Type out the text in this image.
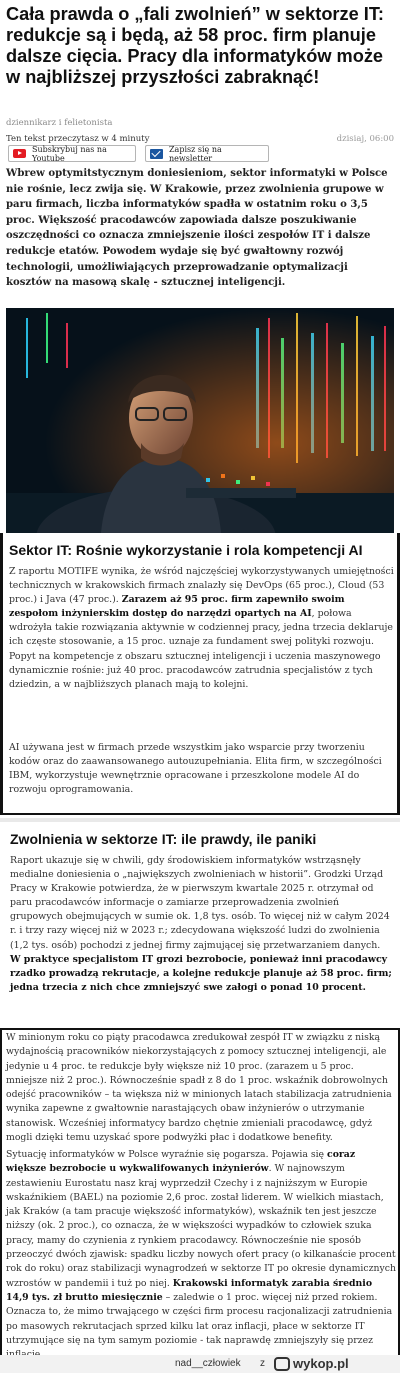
Cała prawda o „fali zwolnień” w sektorze IT: redukcje są i będą, aż 58 proc. firm planuje dalsze cięcia. Pracy dla informatyków może w najbliższej przyszłości zabraknąć!
dziennikarz i felietonista
Ten tekst przeczytasz w 4 minuty	dzisiaj, 06:00
Subskrybuj nas na Youtube
Zapisz się na newsletter
Wbrew optymitstycznym doniesieniom, sektor informatyki w Polsce nie rośnie, lecz zwija się. W Krakowie, przez zwolnienia grupowe w paru firmach, liczba informatyków spadła w ostatnim roku o 3,5 proc. Większość pracodawców zapowiada dalsze poszukiwanie oszczędności co oznacza zmniejszenie ilości zespołów IT i dalsze redukcje etatów. Powodem wydaje się być gwałtowny rozwój technologii, umożliwiających przeprowadzanie optymalizacji kosztów na masową skalę - sztucznej inteligencji.
Sektor IT: Rośnie wykorzystanie i rola kompetencji AI
Z raportu MOTIFE wynika, że wśród najczęściej wykorzystywanych umiejętności technicznych w krakowskich firmach znalazły się DevOps (65 proc.), Cloud (53 proc.) i Java (47 proc.). Zarazem aż 95 proc. firm zapewniło swoim zespołom inżynierskim dostęp do narzędzi opartych na AI, połowa wdrożyła takie rozwiązania aktywnie w codziennej pracy, jedna trzecia deklaruje ich częste stosowanie, a 15 proc. uznaje za fundament swej polityki rozwoju. Popyt na kompetencje z obszaru sztucznej inteligencji i uczenia maszynowego dynamicznie rośnie: już 40 proc. pracodawców zatrudnia specjalistów z tych dziedzin, a w najbliższych planach mają to kolejni.
AI używana jest w firmach przede wszystkim jako wsparcie przy tworzeniu kodów oraz do zaawansowanego autouzupełniania. Elita firm, w szczególności IBM, wykorzystuje wewnętrznie opracowane i przeszkolone modele AI do rozwoju oprogramowania.
Zwolnienia w sektorze IT: ile prawdy, ile paniki
Raport ukazuje się w chwili, gdy środowiskiem informatyków wstrząsnęły medialne doniesienia o „największych zwolnieniach w historii”. Grodzki Urząd Pracy w Krakowie potwierdza, że w pierwszym kwartale 2025 r. otrzymał od paru pracodawców informacje o zamiarze przeprowadzenia zwolnień grupowych obejmujących w sumie ok. 1,8 tys. osób. To więcej niż w całym 2024 r. i trzy razy więcej niż w 2023 r.; zdecydowana większość ludzi do zwolnienia (1,2 tys. osób) pochodzi z jednej firmy zajmującej się przetwarzaniem danych. W praktyce specjalistom IT grozi bezrobocie, ponieważ inni pracodawcy rzadko prowadzą rekrutacje, a kolejne redukcje planuje aż 58 proc. firm; jedna trzecia z nich chce zmniejszyć swe załogi o ponad 10 procent.
W minionym roku co piąty pracodawca zredukował zespół IT w związku z niską wydajnością pracowników niekorzystających z pomocy sztucznej inteligencji, ale jedynie u 4 proc. te redukcje były większe niż 10 proc. (zarazem u 5 proc. mniejsze niż 2 proc.). Równocześnie spadł z 8 do 1 proc. wskaźnik dobrowolnych odejść pracowników – ta większa niż w minionych latach stabilizacja zatrudnienia wynika zapewne z gwałtownie narastających obaw inżynierów o utrzymanie stanowisk. Wcześniej informatycy bardzo chętnie zmieniali pracodawcę, gdyż mogli dzięki temu uzyskać spore podwyżki płac i dodatkowe benefity.
Sytuację informatyków w Polsce wyraźnie się pogarsza. Pojawia się coraz większe bezrobocie u wykwalifowanych inżynierów. W najnowszym zestawieniu Eurostatu nasz kraj wyprzedził Czechy i z najniższym w Europie wskaźnikiem (BAEL) na poziomie 2,6 proc. został liderem. W wielkich miastach, jak Kraków (a tam pracuje większość informatyków), wskaźnik ten jest jeszcze niższy (ok. 2 proc.), co oznacza, że w większości wypadków to człowiek szuka pracy, mamy do czynienia z rynkiem pracodawcy. Równocześnie nie sposób przeoczyć dwóch zjawisk: spadku liczby nowych ofert pracy (o kilkanaście procent rok do roku) oraz stabilizacji wynagrodzeń w sektorze IT po okresie dynamicznych wzrostów w pandemii i tuż po niej. Krakowski informatyk zarabia średnio 14,9 tys. zł brutto miesięcznie – zaledwie o 1 proc. więcej niż przed rokiem. Oznacza to, że mimo trwającego w części firm procesu racjonalizacji zatrudnienia po masowych rekrutacjach sprzed kilku lat oraz inflacji, płace w sektorze IT utrzymujące się na tym samym poziomie - tak naprawdę zmniejszyły się przez
nad__człowiek z wykop.pl
